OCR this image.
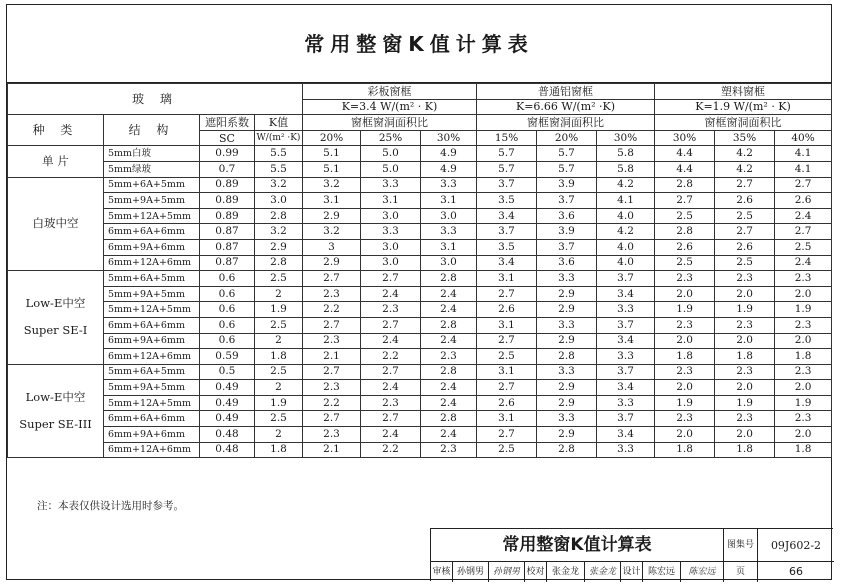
常用整窗K值计算表
玻 璃				彩板窗框			普通铝窗框			塑料窗框		
				K=3.4 W/(m² · K)			K=6.66 W/(m² ·K)			K=1.9 W/(m² · K)		
种 类	结 构	遮阳系数	K值	窗框窗洞面积比			窗框窗洞面积比			窗框窗洞面积比		
		SC	W/(m² ·K)	20%	25%	30%	15%	20%	30%	30%	35%	40%

单 片	5mm白玻	0.99	5.5	5.1	5.0	4.9	5.7	5.7	5.8	4.4	4.2	4.1
	5mm绿玻	0.7	5.5	5.1	5.0	4.9	5.7	5.7	5.8	4.4	4.2	4.1

白玻中空	5mm+6A+5mm	0.89	3.2	3.2	3.3	3.3	3.7	3.9	4.2	2.8	2.7	2.7
	5mm+9A+5mm	0.89	3.0	3.1	3.1	3.1	3.5	3.7	4.1	2.7	2.6	2.6
	5mm+12A+5mm	0.89	2.8	2.9	3.0	3.0	3.4	3.6	4.0	2.5	2.5	2.4
	6mm+6A+6mm	0.87	3.2	3.2	3.3	3.3	3.7	3.9	4.2	2.8	2.7	2.7
	6mm+9A+6mm	0.87	2.9	3	3.0	3.1	3.5	3.7	4.0	2.6	2.6	2.5
	6mm+12A+6mm	0.87	2.8	2.9	3.0	3.0	3.4	3.6	4.0	2.5	2.5	2.4

Low-E中空
Super SE-I	5mm+6A+5mm	0.6	2.5	2.7	2.7	2.8	3.1	3.3	3.7	2.3	2.3	2.3
	5mm+9A+5mm	0.6	2	2.3	2.4	2.4	2.7	2.9	3.4	2.0	2.0	2.0
	5mm+12A+5mm	0.6	1.9	2.2	2.3	2.4	2.6	2.9	3.3	1.9	1.9	1.9
	6mm+6A+6mm	0.6	2.5	2.7	2.7	2.8	3.1	3.3	3.7	2.3	2.3	2.3
	6mm+9A+6mm	0.6	2	2.3	2.4	2.4	2.7	2.9	3.4	2.0	2.0	2.0
	6mm+12A+6mm	0.59	1.8	2.1	2.2	2.3	2.5	2.8	3.3	1.8	1.8	1.8

Low-E中空
Super SE-III	5mm+6A+5mm	0.5	2.5	2.7	2.7	2.8	3.1	3.3	3.7	2.3	2.3	2.3
	5mm+9A+5mm	0.49	2	2.3	2.4	2.4	2.7	2.9	3.4	2.0	2.0	2.0
	5mm+12A+5mm	0.49	1.9	2.2	2.3	2.4	2.6	2.9	3.3	1.9	1.9	1.9
	6mm+6A+6mm	0.49	2.5	2.7	2.7	2.8	3.1	3.3	3.7	2.3	2.3	2.3
	6mm+9A+6mm	0.48	2	2.3	2.4	2.4	2.7	2.9	3.4	2.0	2.0	2.0
	6mm+12A+6mm	0.48	1.8	2.1	2.2	2.3	2.5	2.8	3.3	1.8	1.8	1.8
注：本表仅供设计选用时参考。
常用整窗K值计算表	图集号	09J602-2
审核 孙钢男 孙钢男 校对 张金龙	张金龙 设计 陈宏远	陈宏远	页	66
